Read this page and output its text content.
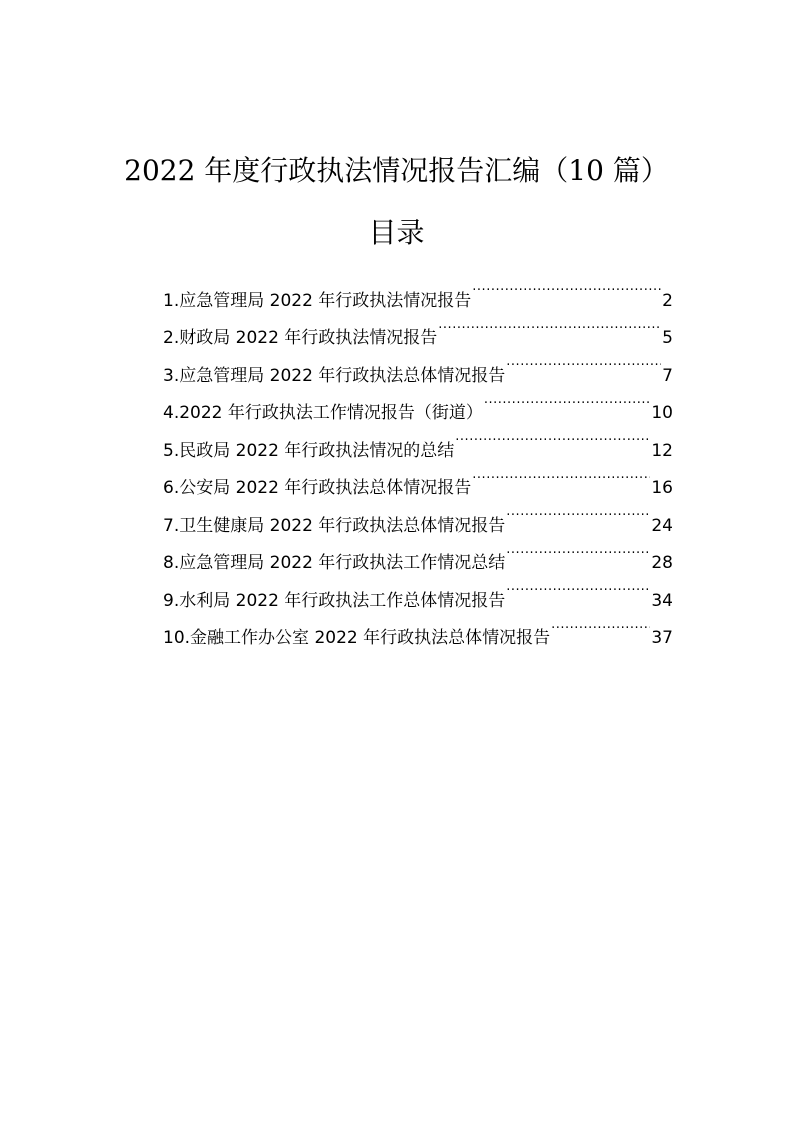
2022 年度行政执法情况报告汇编（10 篇）
目录
1.应急管理局 2022 年行政执法情况报告 .....	2
2.财政局 2022 年行政执法情况报告 .....	5
3.应急管理局 2022 年行政执法总体情况报告 .....	7
4.2022 年行政执法工作情况报告（街道） .....	10
5.民政局 2022 年行政执法情况的总结 .....	12
6.公安局 2022 年行政执法总体情况报告 .....	16
7.卫生健康局 2022 年行政执法总体情况报告 .....	24
8.应急管理局 2022 年行政执法工作情况总结 .....	28
9.水利局 2022 年行政执法工作总体情况报告 .....	34
10.金融工作办公室 2022 年行政执法总体情况报告 .....	37
